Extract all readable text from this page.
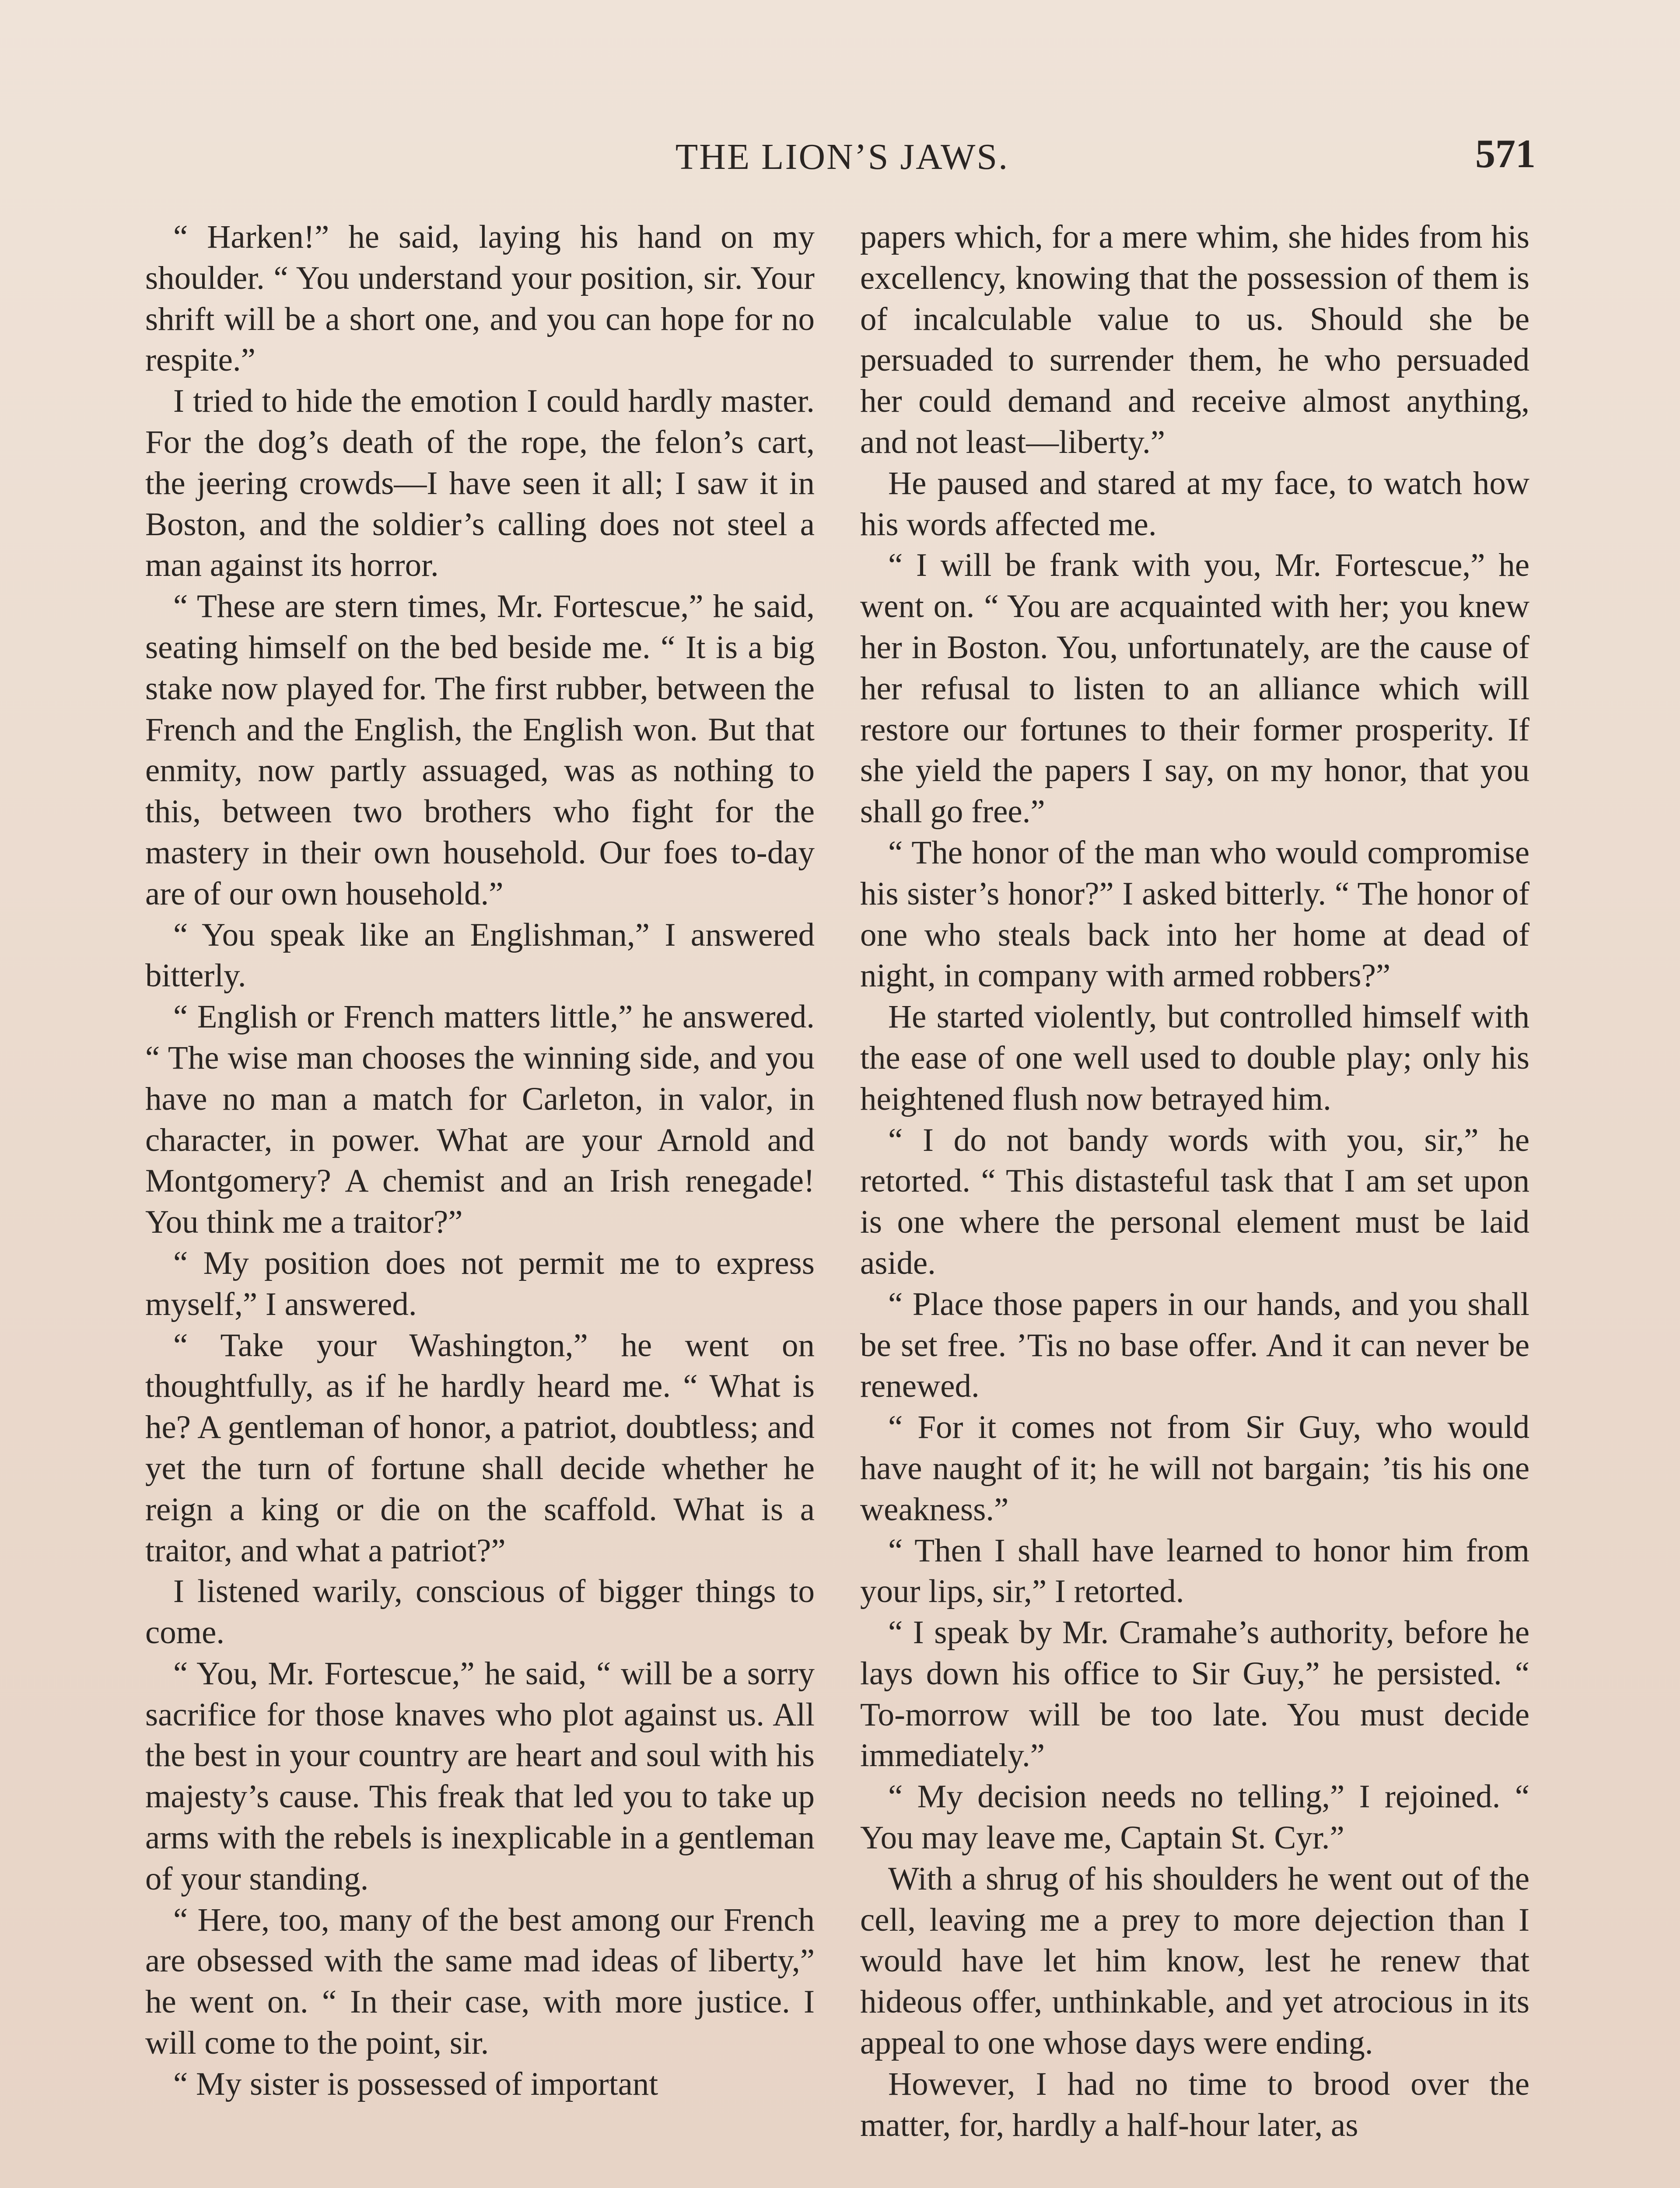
THE LION’S JAWS.	571

“ Harken!” he said, laying his hand on my shoulder. “ You understand your position, sir. Your shrift will be a short one, and you can hope for no respite.”

I tried to hide the emotion I could hardly master. For the dog’s death of the rope, the felon’s cart, the jeering crowds—I have seen it all; I saw it in Boston, and the soldier’s calling does not steel a man against its horror.

“ These are stern times, Mr. Fortescue,” he said, seating himself on the bed beside me. “ It is a big stake now played for. The first rubber, between the French and the English, the English won. But that enmity, now partly assuaged, was as nothing to this, between two brothers who fight for the mastery in their own household. Our foes to-day are of our own household.”

“ You speak like an Englishman,” I answered bitterly.

“ English or French matters little,” he answered. “ The wise man chooses the winning side, and you have no man a match for Carleton, in valor, in character, in power. What are your Arnold and Montgomery? A chemist and an Irish renegade! You think me a traitor?”

“ My position does not permit me to express myself,” I answered.

“ Take your Washington,” he went on thoughtfully, as if he hardly heard me. “ What is he? A gentleman of honor, a patriot, doubtless; and yet the turn of fortune shall decide whether he reign a king or die on the scaffold. What is a traitor, and what a patriot?”

I listened warily, conscious of bigger things to come.

“ You, Mr. Fortescue,” he said, “ will be a sorry sacrifice for those knaves who plot against us. All the best in your country are heart and soul with his majesty’s cause. This freak that led you to take up arms with the rebels is inexplicable in a gentleman of your standing.

“ Here, too, many of the best among our French are obsessed with the same mad ideas of liberty,” he went on. “ In their case, with more justice. I will come to the point, sir.

“ My sister is possessed of important

papers which, for a mere whim, she hides from his excellency, knowing that the possession of them is of incalculable value to us. Should she be persuaded to surrender them, he who persuaded her could demand and receive almost anything, and not least—liberty.”

He paused and stared at my face, to watch how his words affected me.

“ I will be frank with you, Mr. Fortescue,” he went on. “ You are acquainted with her; you knew her in Boston. You, unfortunately, are the cause of her refusal to listen to an alliance which will restore our fortunes to their former prosperity. If she yield the papers I say, on my honor, that you shall go free.”

“ The honor of the man who would compromise his sister’s honor?” I asked bitterly. “ The honor of one who steals back into her home at dead of night, in company with armed robbers?”

He started violently, but controlled himself with the ease of one well used to double play; only his heightened flush now betrayed him.

“ I do not bandy words with you, sir,” he retorted. “ This distasteful task that I am set upon is one where the personal element must be laid aside.

“ Place those papers in our hands, and you shall be set free. ’Tis no base offer. And it can never be renewed.

“ For it comes not from Sir Guy, who would have naught of it; he will not bargain; ’tis his one weakness.”

“ Then I shall have learned to honor him from your lips, sir,” I retorted.

“ I speak by Mr. Cramahe’s authority, before he lays down his office to Sir Guy,” he persisted. “ To-morrow will be too late. You must decide immediately.”

“ My decision needs no telling,” I rejoined. “ You may leave me, Captain St. Cyr.”

With a shrug of his shoulders he went out of the cell, leaving me a prey to more dejection than I would have let him know, lest he renew that hideous offer, unthinkable, and yet atrocious in its appeal to one whose days were ending.

However, I had no time to brood over the matter, for, hardly a half-hour later, as
